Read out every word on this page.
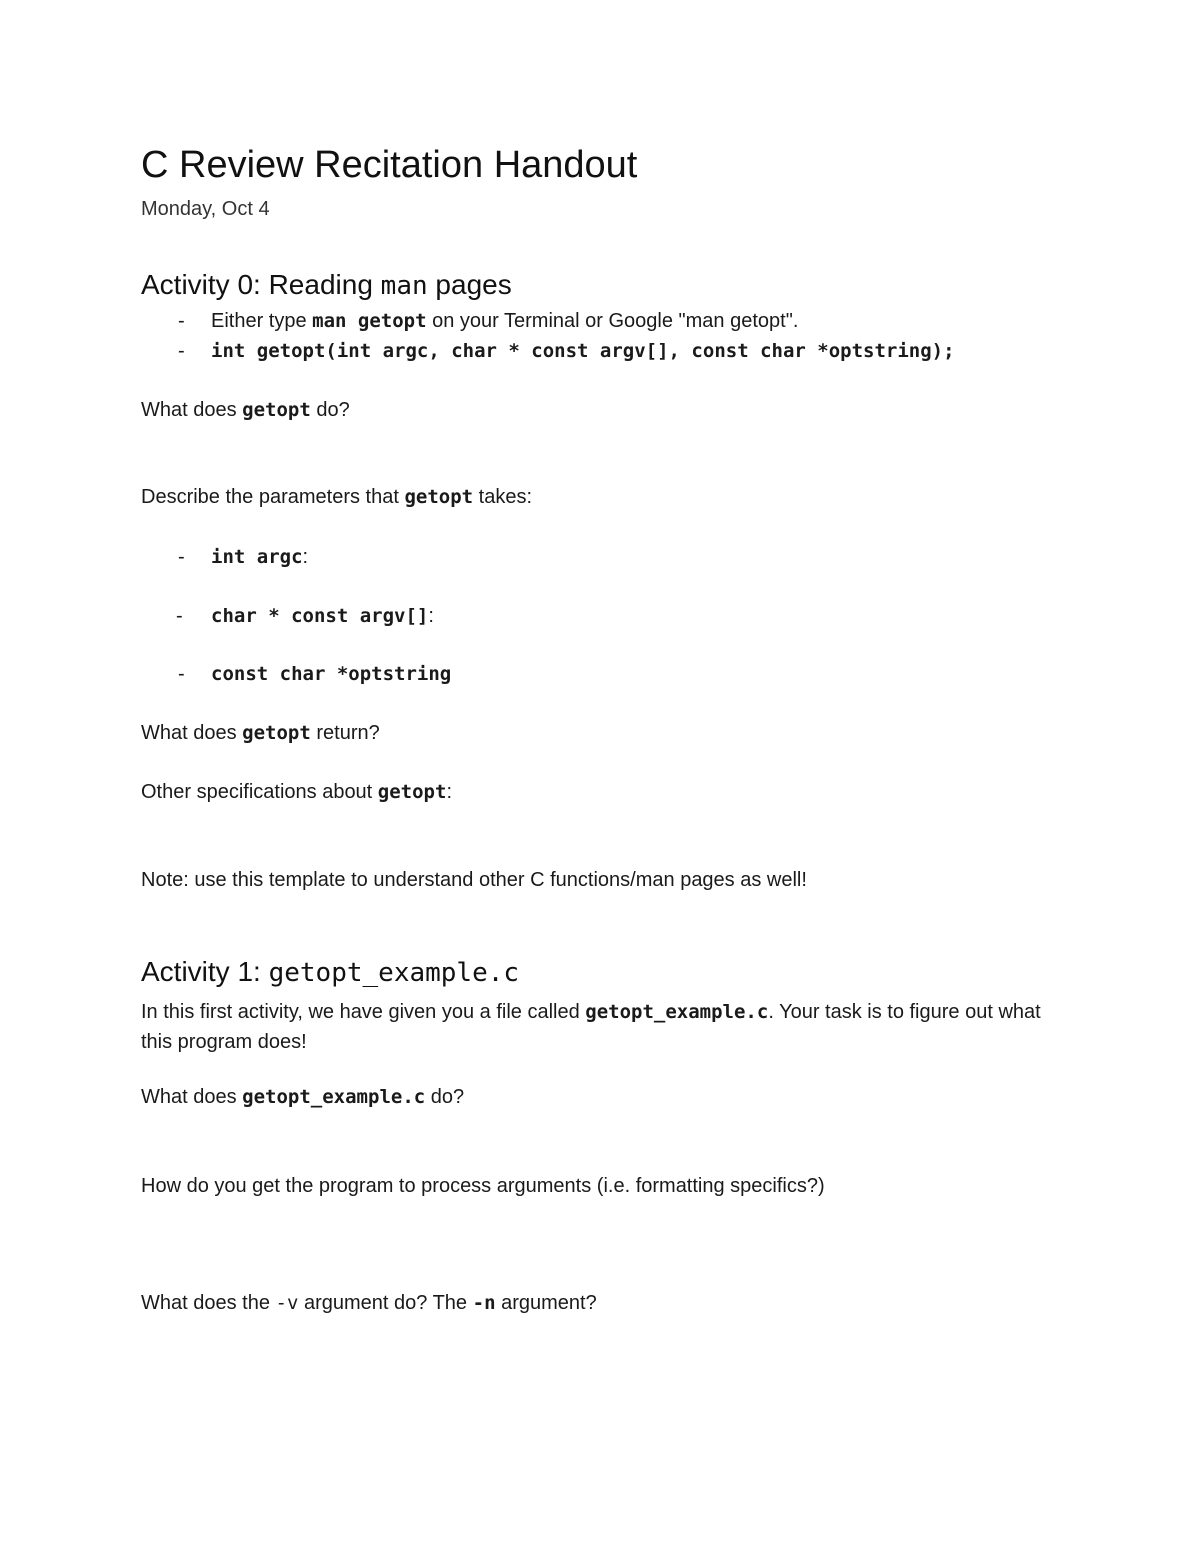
C Review Recitation Handout
Monday, Oct 4
Activity 0: Reading man pages
- Either type man getopt on your Terminal or Google "man getopt".
- int getopt(int argc, char * const argv[], const char *optstring);
What does getopt do?
Describe the parameters that getopt takes:
- int argc:
- char * const argv[]:
- const char *optstring
What does getopt return?
Other specifications about getopt:
Note: use this template to understand other C functions/man pages as well!
Activity 1: getopt_example.c
In this first activity, we have given you a file called getopt_example.c. Your task is to figure out what this program does!
What does getopt_example.c do?
How do you get the program to process arguments (i.e. formatting specifics?)
What does the -v argument do? The -n argument?
